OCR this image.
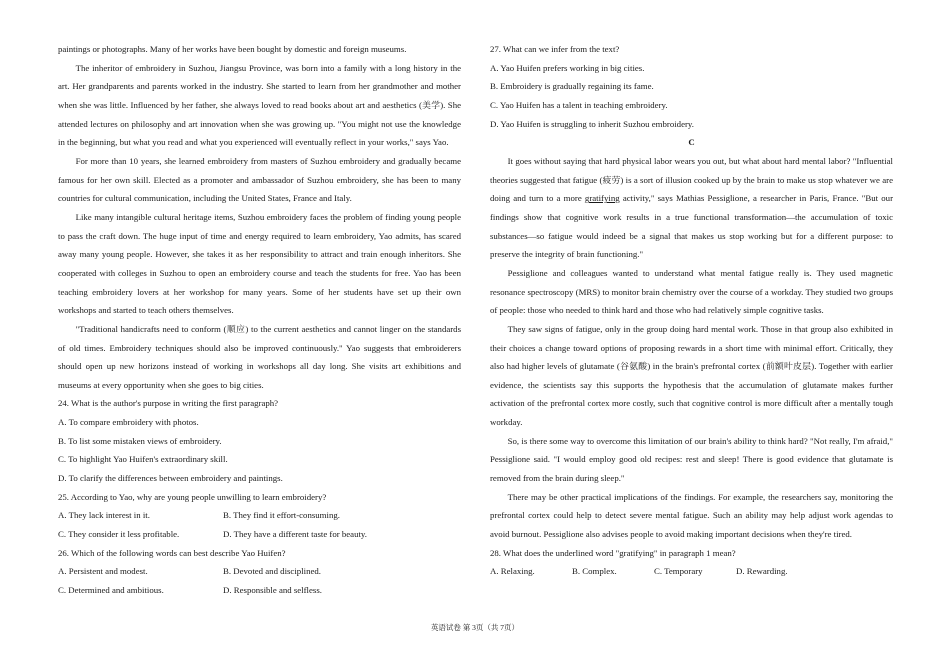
paintings or photographs. Many of her works have been bought by domestic and foreign museums.

The inheritor of embroidery in Suzhou, Jiangsu Province, was born into a family with a long history in the art. Her grandparents and parents worked in the industry. She started to learn from her grandmother and mother when she was little. Influenced by her father, she always loved to read books about art and aesthetics (美学). She attended lectures on philosophy and art innovation when she was growing up. "You might not use the knowledge in the beginning, but what you read and what you experienced will eventually reflect in your works," says Yao.

For more than 10 years, she learned embroidery from masters of Suzhou embroidery and gradually became famous for her own skill. Elected as a promoter and ambassador of Suzhou embroidery, she has been to many countries for cultural communication, including the United States, France and Italy.

Like many intangible cultural heritage items, Suzhou embroidery faces the problem of finding young people to pass the craft down. The huge input of time and energy required to learn embroidery, Yao admits, has scared away many young people. However, she takes it as her responsibility to attract and train enough inheritors. She cooperated with colleges in Suzhou to open an embroidery course and teach the students for free. Yao has been teaching embroidery lovers at her workshop for many years. Some of her students have set up their own workshops and started to teach others themselves.

"Traditional handicrafts need to conform (顺应) to the current aesthetics and cannot linger on the standards of old times. Embroidery techniques should also be improved continuously." Yao suggests that embroiderers should open up new horizons instead of working in workshops all day long. She visits art exhibitions and museums at every opportunity when she goes to big cities.

24. What is the author's purpose in writing the first paragraph?

A. To compare embroidery with photos.

B. To list some mistaken views of embroidery.

C. To highlight Yao Huifen's extraordinary skill.

D. To clarify the differences between embroidery and paintings.

25. According to Yao, why are young people unwilling to learn embroidery?

A. They lack interest in it.	B. They find it effort-consuming.
C. They consider it less profitable.	D. They have a different taste for beauty.

26. Which of the following words can best describe Yao Huifen?

A. Persistent and modest.	B. Devoted and disciplined.
C. Determined and ambitious.	D. Responsible and selfless.

27. What can we infer from the text?

A. Yao Huifen prefers working in big cities.

B. Embroidery is gradually regaining its fame.

C. Yao Huifen has a talent in teaching embroidery.

D. Yao Huifen is struggling to inherit Suzhou embroidery.

C

It goes without saying that hard physical labor wears you out, but what about hard mental labor? "Influential theories suggested that fatigue (疲劳) is a sort of illusion cooked up by the brain to make us stop whatever we are doing and turn to a more gratifying activity," says Mathias Pessiglione, a researcher in Paris, France. "But our findings show that cognitive work results in a true functional transformation—the accumulation of toxic substances—so fatigue would indeed be a signal that makes us stop working but for a different purpose: to preserve the integrity of brain functioning."

Pessiglione and colleagues wanted to understand what mental fatigue really is. They used magnetic resonance spectroscopy (MRS) to monitor brain chemistry over the course of a workday. They studied two groups of people: those who needed to think hard and those who had relatively simple cognitive tasks.

They saw signs of fatigue, only in the group doing hard mental work. Those in that group also exhibited in their choices a change toward options of proposing rewards in a short time with minimal effort. Critically, they also had higher levels of glutamate (谷氨酸) in the brain's prefrontal cortex (前额叶皮层). Together with earlier evidence, the scientists say this supports the hypothesis that the accumulation of glutamate makes further activation of the prefrontal cortex more costly, such that cognitive control is more difficult after a mentally tough workday.

So, is there some way to overcome this limitation of our brain's ability to think hard? "Not really, I'm afraid," Pessiglione said. "I would employ good old recipes: rest and sleep! There is good evidence that glutamate is removed from the brain during sleep."

There may be other practical implications of the findings. For example, the researchers say, monitoring the prefrontal cortex could help to detect severe mental fatigue. Such an ability may help adjust work agendas to avoid burnout. Pessiglione also advises people to avoid making important decisions when they're tired.

28. What does the underlined word "gratifying" in paragraph 1 mean?

A. Relaxing.	B. Complex.	C. Temporary	D. Rewarding.
英语试卷 第 3页（共 7页）
